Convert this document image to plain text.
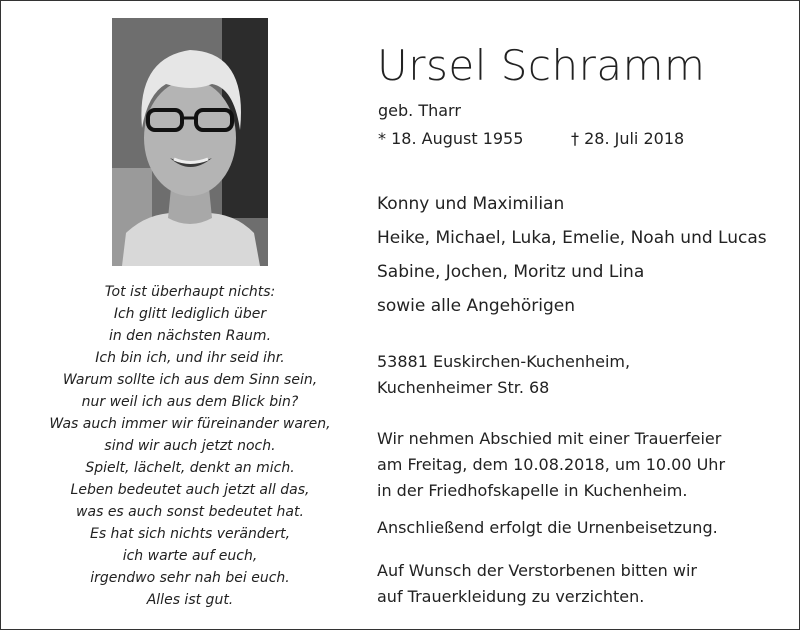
Tot ist überhaupt nichts:
Ich glitt lediglich über
in den nächsten Raum.
Ich bin ich, und ihr seid ihr.
Warum sollte ich aus dem Sinn sein,
nur weil ich aus dem Blick bin?
Was auch immer wir füreinander waren,
sind wir auch jetzt noch.
Spielt, lächelt, denkt an mich.
Leben bedeutet auch jetzt all das,
was es auch sonst bedeutet hat.
Es hat sich nichts verändert,
ich warte auf euch,
irgendwo sehr nah bei euch.
Alles ist gut.
Ursel Schramm
geb. Tharr
* 18. August 1955	† 28. Juli 2018
Konny und Maximilian
Heike, Michael, Luka, Emelie, Noah und Lucas
Sabine, Jochen, Moritz und Lina
sowie alle Angehörigen
53881 Euskirchen-Kuchenheim,
Kuchenheimer Str. 68
Wir nehmen Abschied mit einer Trauerfeier
am Freitag, dem 10.08.2018, um 10.00 Uhr
in der Friedhofskapelle in Kuchenheim.
Anschließend erfolgt die Urnenbeisetzung.
Auf Wunsch der Verstorbenen bitten wir
auf Trauerkleidung zu verzichten.
